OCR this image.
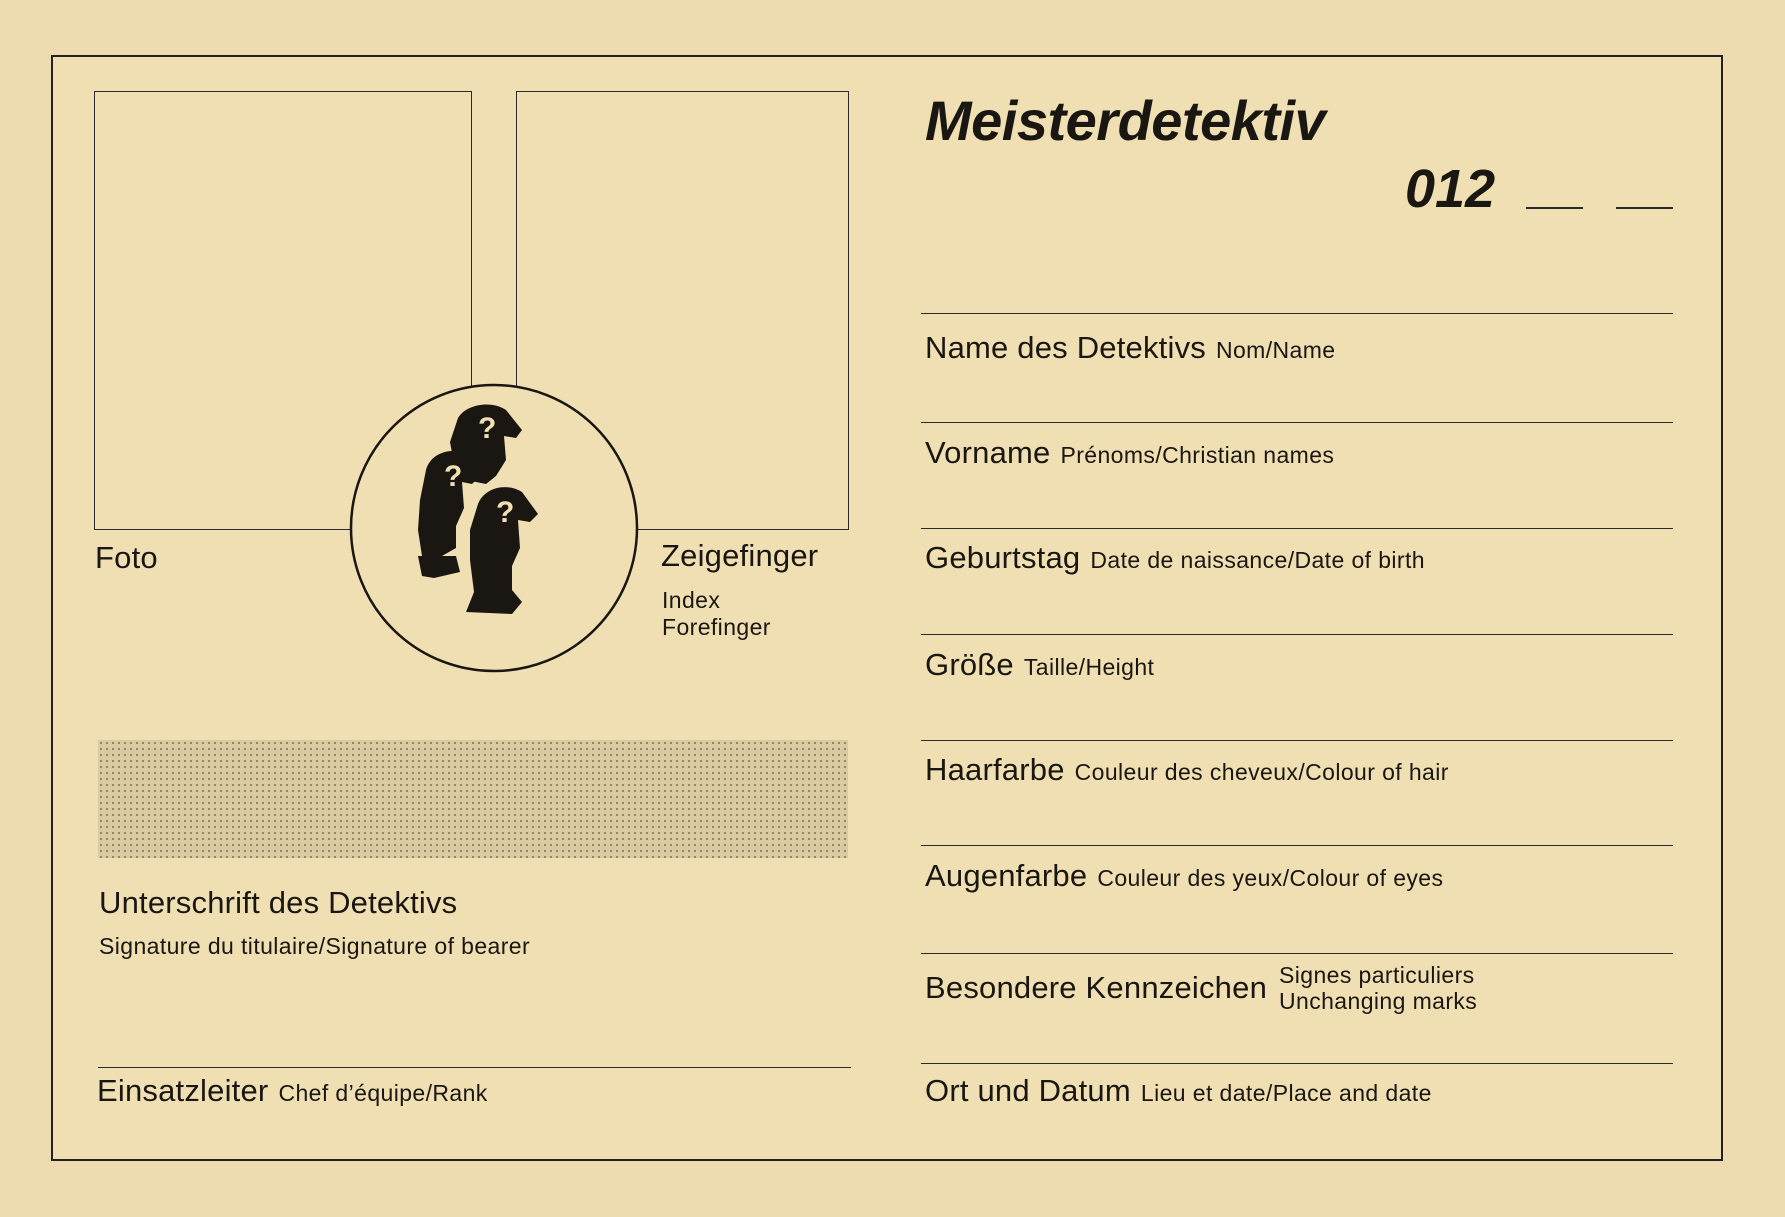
Foto	Zeigefinger
Index
Forefinger
?
?
?
Unterschrift des Detektivs
Signature du titulaire/Signature of bearer
Einsatzleiter Chef d’équipe/Rank
Meisterdetektiv
012
Name des Detektivs Nom/Name
Vorname Prénoms/Christian names
Geburtstag Date de naissance/Date of birth
Größe Taille/Height
Haarfarbe Couleur des cheveux/Colour of hair
Augenfarbe Couleur des yeux/Colour of eyes
Besondere Kennzeichen Signes particuliers
Unchanging marks
Ort und Datum Lieu et date/Place and date
